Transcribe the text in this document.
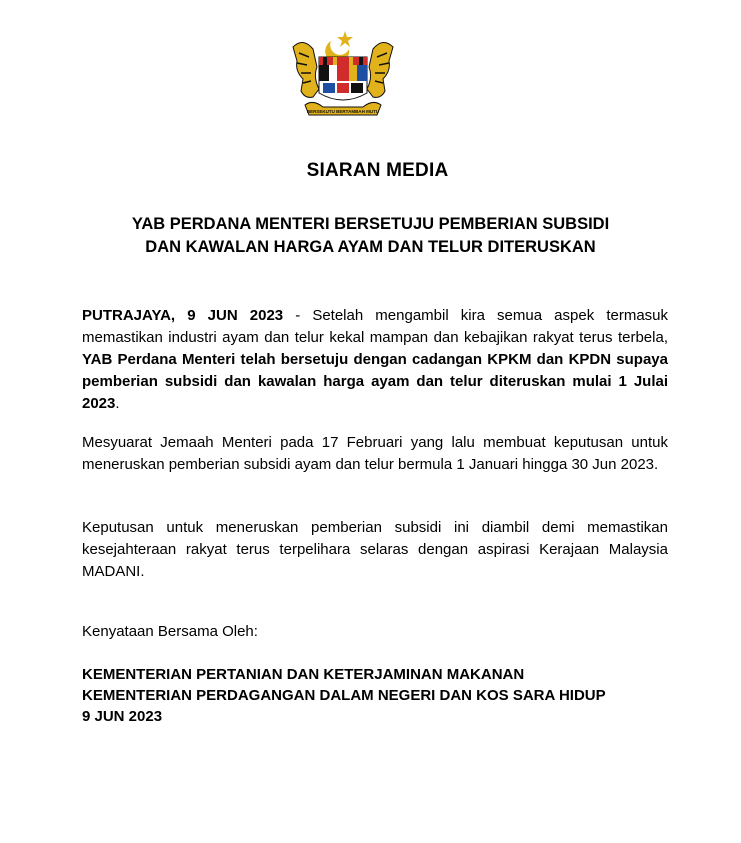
BERSEKUTU BERTAMBAH MUTU
SIARAN MEDIA
YAB PERDANA MENTERI BERSETUJU PEMBERIAN SUBSIDI
DAN KAWALAN HARGA AYAM DAN TELUR DITERUSKAN
PUTRAJAYA, 9 JUN 2023 - Setelah mengambil kira semua aspek termasuk memastikan industri ayam dan telur kekal mampan dan kebajikan rakyat terus terbela, YAB Perdana Menteri telah bersetuju dengan cadangan KPKM dan KPDN supaya pemberian subsidi dan kawalan harga ayam dan telur diteruskan mulai 1 Julai 2023.
Mesyuarat Jemaah Menteri pada 17 Februari yang lalu membuat keputusan untuk meneruskan pemberian subsidi ayam dan telur bermula 1 Januari hingga 30 Jun 2023.
Keputusan untuk meneruskan pemberian subsidi ini diambil demi memastikan kesejahteraan rakyat terus terpelihara selaras dengan aspirasi Kerajaan Malaysia MADANI.
Kenyataan Bersama Oleh:
KEMENTERIAN PERTANIAN DAN KETERJAMINAN MAKANAN
KEMENTERIAN PERDAGANGAN DALAM NEGERI DAN KOS SARA HIDUP
9 JUN 2023
